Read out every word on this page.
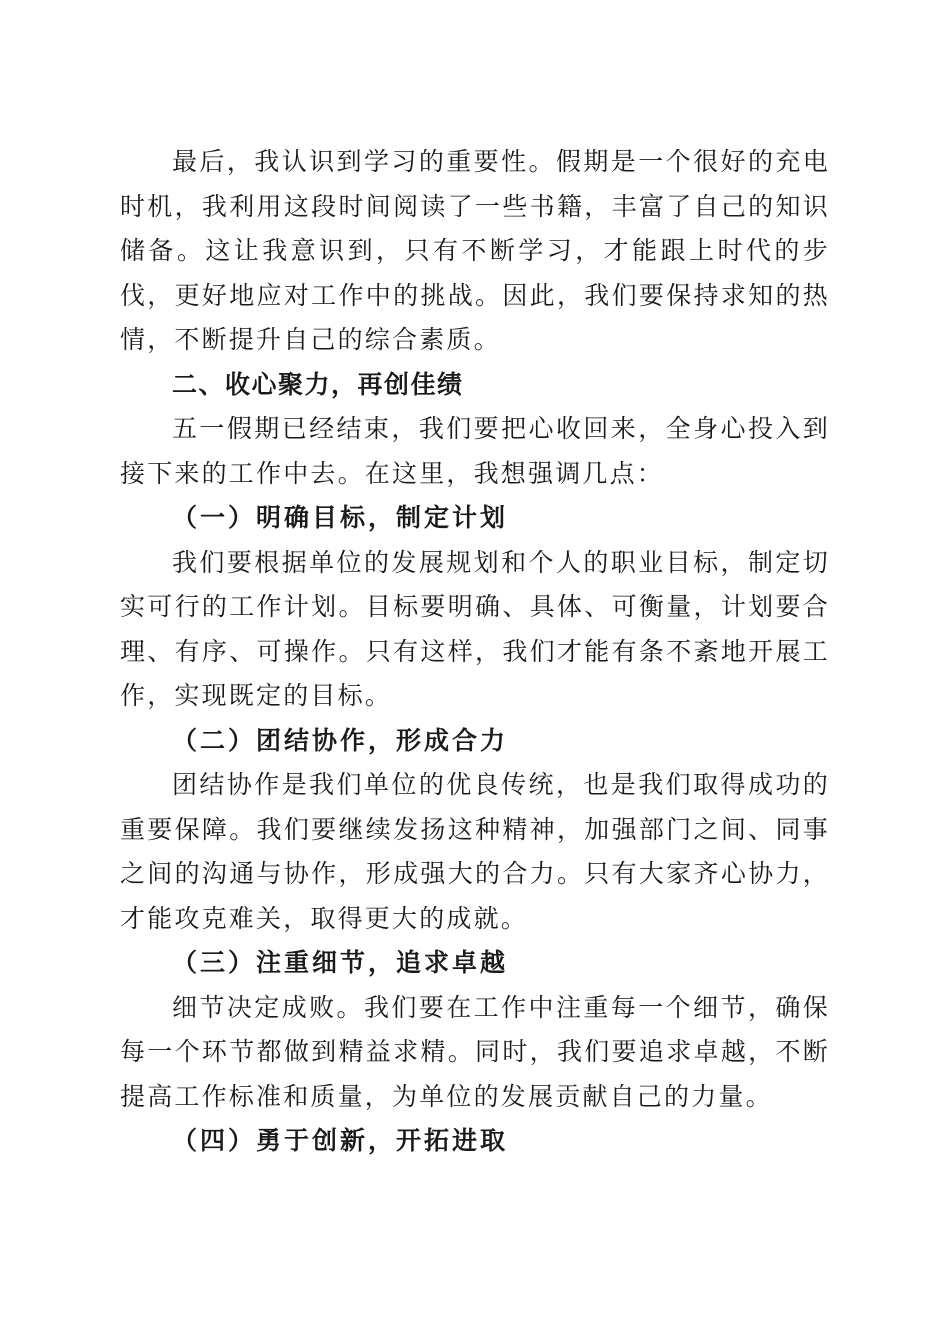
最后，我认识到学习的重要性。假期是一个很好的充电时机，我利用这段时间阅读了一些书籍，丰富了自己的知识储备。这让我意识到，只有不断学习，才能跟上时代的步伐，更好地应对工作中的挑战。因此，我们要保持求知的热情，不断提升自己的综合素质。

二、收心聚力，再创佳绩

五一假期已经结束，我们要把心收回来，全身心投入到接下来的工作中去。在这里，我想强调几点：

（一）明确目标，制定计划

我们要根据单位的发展规划和个人的职业目标，制定切实可行的工作计划。目标要明确、具体、可衡量，计划要合理、有序、可操作。只有这样，我们才能有条不紊地开展工作，实现既定的目标。

（二）团结协作，形成合力

团结协作是我们单位的优良传统，也是我们取得成功的重要保障。我们要继续发扬这种精神，加强部门之间、同事之间的沟通与协作，形成强大的合力。只有大家齐心协力，才能攻克难关，取得更大的成就。

（三）注重细节，追求卓越

细节决定成败。我们要在工作中注重每一个细节，确保每一个环节都做到精益求精。同时，我们要追求卓越，不断提高工作标准和质量，为单位的发展贡献自己的力量。

（四）勇于创新，开拓进取
